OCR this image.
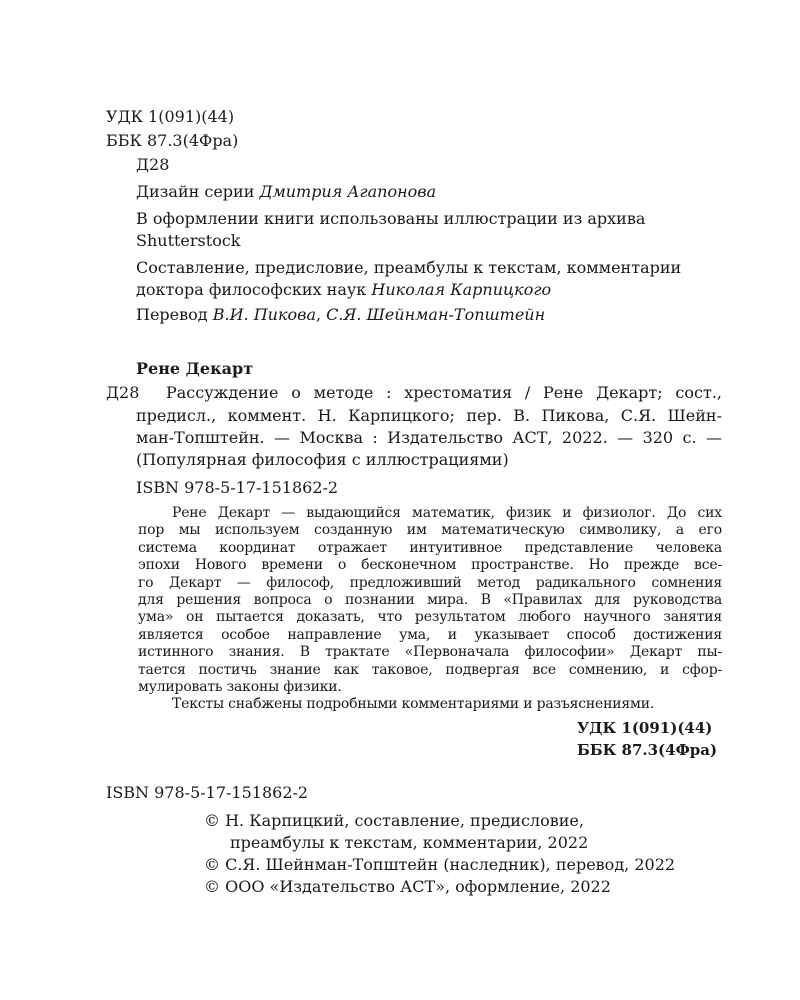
УДК 1(091)(44)
ББК 87.3(4Фра)
Д28
Дизайн серии Дмитрия Агапонова
В оформлении книги использованы иллюстрации из архива
Shutterstock
Составление, предисловие, преамбулы к текстам, комментарии
доктора философских наук Николая Карпицкого
Перевод В.И. Пикова, С.Я. Шейнман-Топштейн
Рене Декарт
Д28 Рассуждение о методе : хрестоматия / Рене Декарт; сост.,
предисл., коммент. Н. Карпицкого; пер. В. Пикова, С.Я. Шейн-
ман-Топштейн. — Москва : Издательство АСТ, 2022. — 320 с. —
(Популярная философия с иллюстрациями)
ISBN 978-5-17-151862-2
Рене Декарт — выдающийся математик, физик и физиолог. До сих
пор мы используем созданную им математическую символику, а его
система координат отражает интуитивное представление человека
эпохи Нового времени о бесконечном пространстве. Но прежде все-
го Декарт — философ, предложивший метод радикального сомнения
для решения вопроса о познании мира. В «Правилах для руководства
ума» он пытается доказать, что результатом любого научного занятия
является особое направление ума, и указывает способ достижения
истинного знания. В трактате «Первоначала философии» Декарт пы-
тается постичь знание как таковое, подвергая все сомнению, и сфор-
мулировать законы физики.
Тексты снабжены подробными комментариями и разъяснениями.
УДК 1(091)(44)
ББК 87.3(4Фра)
ISBN 978-5-17-151862-2
© Н. Карпицкий, составление, предисловие,
преамбулы к текстам, комментарии, 2022
© С.Я. Шейнман-Топштейн (наследник), перевод, 2022
© ООО «Издательство АСТ», оформление, 2022
